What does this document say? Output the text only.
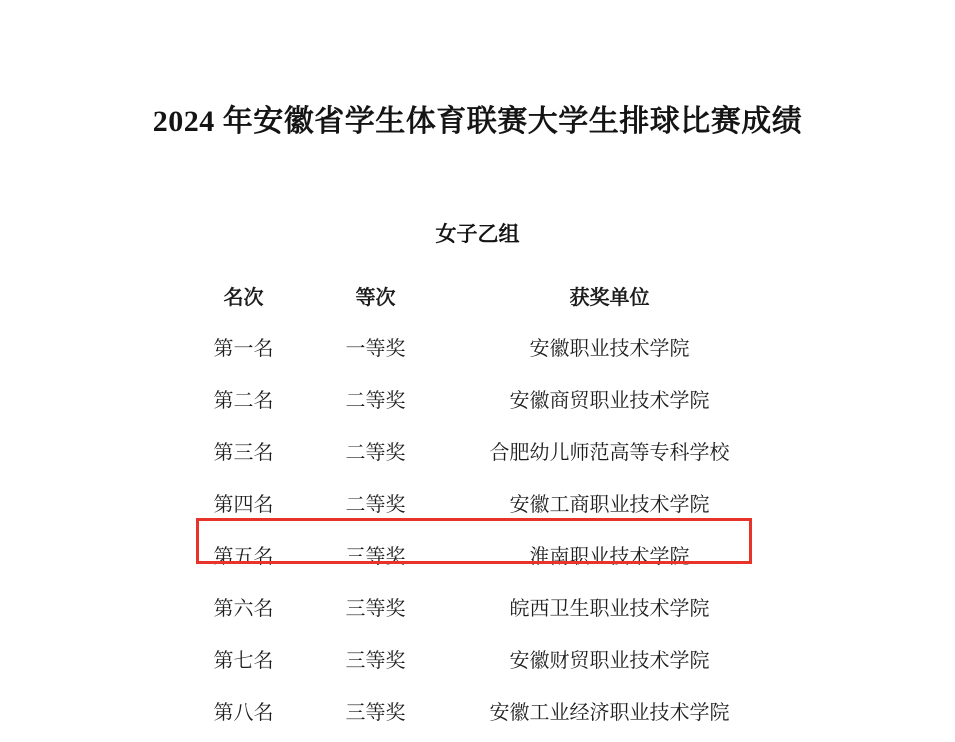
2024 年安徽省学生体育联赛大学生排球比赛成绩
女子乙组
名次	等次	获奖单位
第一名	一等奖	安徽职业技术学院
第二名	二等奖	安徽商贸职业技术学院
第三名	二等奖	合肥幼儿师范高等专科学校
第四名	二等奖	安徽工商职业技术学院
第五名	三等奖	淮南职业技术学院
第六名	三等奖	皖西卫生职业技术学院
第七名	三等奖	安徽财贸职业技术学院
第八名	三等奖	安徽工业经济职业技术学院
